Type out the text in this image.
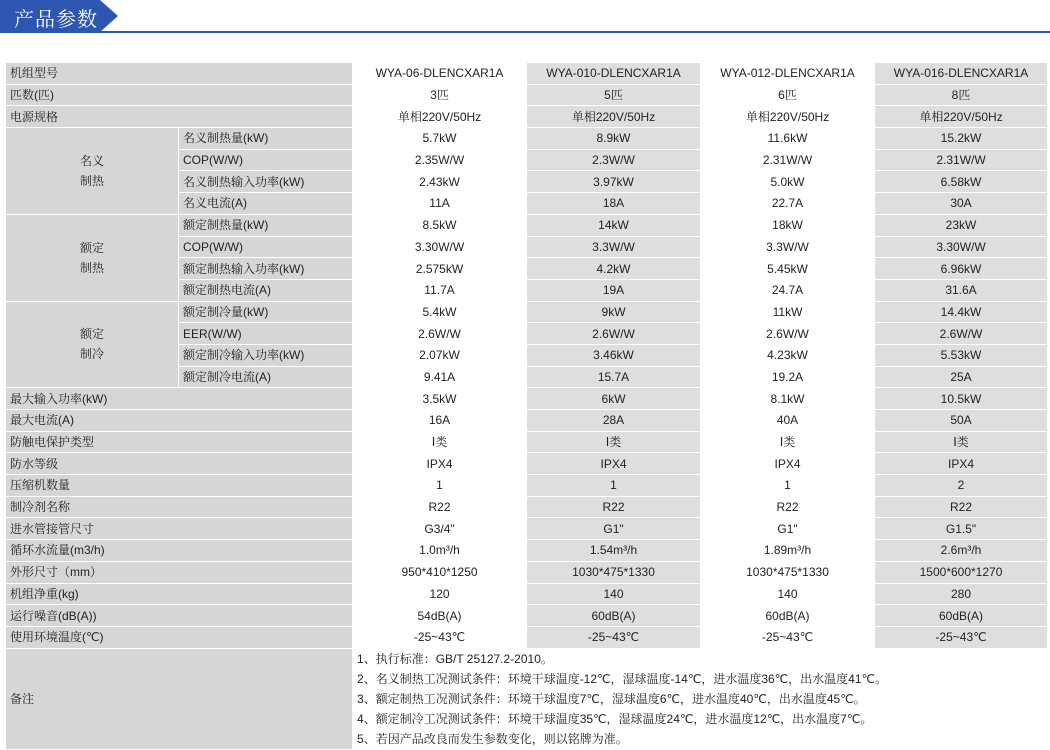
产品参数
机组型号		WYA-06-DLENCXAR1A	WYA-010-DLENCXAR1A	WYA-012-DLENCXAR1A	WYA-016-DLENCXAR1A
匹数(匹)		3匹	5匹	6匹	8匹
电源规格		单相220V/50Hz	单相220V/50Hz	单相220V/50Hz	单相220V/50Hz

名义
制热	名义制热量(kW)	5.7kW	8.9kW	11.6kW	15.2kW
	COP(W/W)	2.35W/W	2.3W/W	2.31W/W	2.31W/W
	名义制热输入功率(kW)	2.43kW	3.97kW	5.0kW	6.58kW
	名义电流(A)	11A	18A	22.7A	30A

额定
制热	额定制热量(kW)	8.5kW	14kW	18kW	23kW
	COP(W/W)	3.30W/W	3.3W/W	3.3W/W	3.30W/W
	额定制热输入功率(kW)	2.575kW	4.2kW	5.45kW	6.96kW
	额定制热电流(A)	11.7A	19A	24.7A	31.6A

额定
制冷	额定制冷量(kW)	5.4kW	9kW	11kW	14.4kW
	EER(W/W)	2.6W/W	2.6W/W	2.6W/W	2.6W/W
	额定制冷输入功率(kW)	2.07kW	3.46kW	4.23kW	5.53kW
	额定制冷电流(A)	9.41A	15.7A	19.2A	25A
最大输入功率(kW)		3.5kW	6kW	8.1kW	10.5kW
最大电流(A)		16A	28A	40A	50A
防触电保护类型		Ⅰ类	Ⅰ类	Ⅰ类	Ⅰ类
防水等级		IPX4	IPX4	IPX4	IPX4
压缩机数量		1	1	1	2
制冷剂名称		R22	R22	R22	R22
进水管接管尺寸		G3/4"	G1"	G1"	G1.5"
循环水流量(m3/h)		1.0m³/h	1.54m³/h	1.89m³/h	2.6m³/h
外形尺寸（mm）		950*410*1250	1030*475*1330	1030*475*1330	1500*600*1270
机组净重(kg)		120	140	140	280
运行噪音(dB(A))		54dB(A)	60dB(A)	60dB(A)	60dB(A)
使用环境温度(℃)		-25~43℃	-25~43℃	-25~43℃	-25~43℃
备注		1、执行标准：GB/T 25127.2-2010。
2、名义制热工况测试条件：环境干球温度-12℃，湿球温度-14℃，进水温度36℃，出水温度41℃。
3、额定制热工况测试条件：环境干球温度7℃，湿球温度6℃，进水温度40℃，出水温度45℃。
4、额定制冷工况测试条件：环境干球温度35℃，湿球温度24℃，进水温度12℃，出水温度7℃。
5、若因产品改良而发生参数变化，则以铭牌为准。			
